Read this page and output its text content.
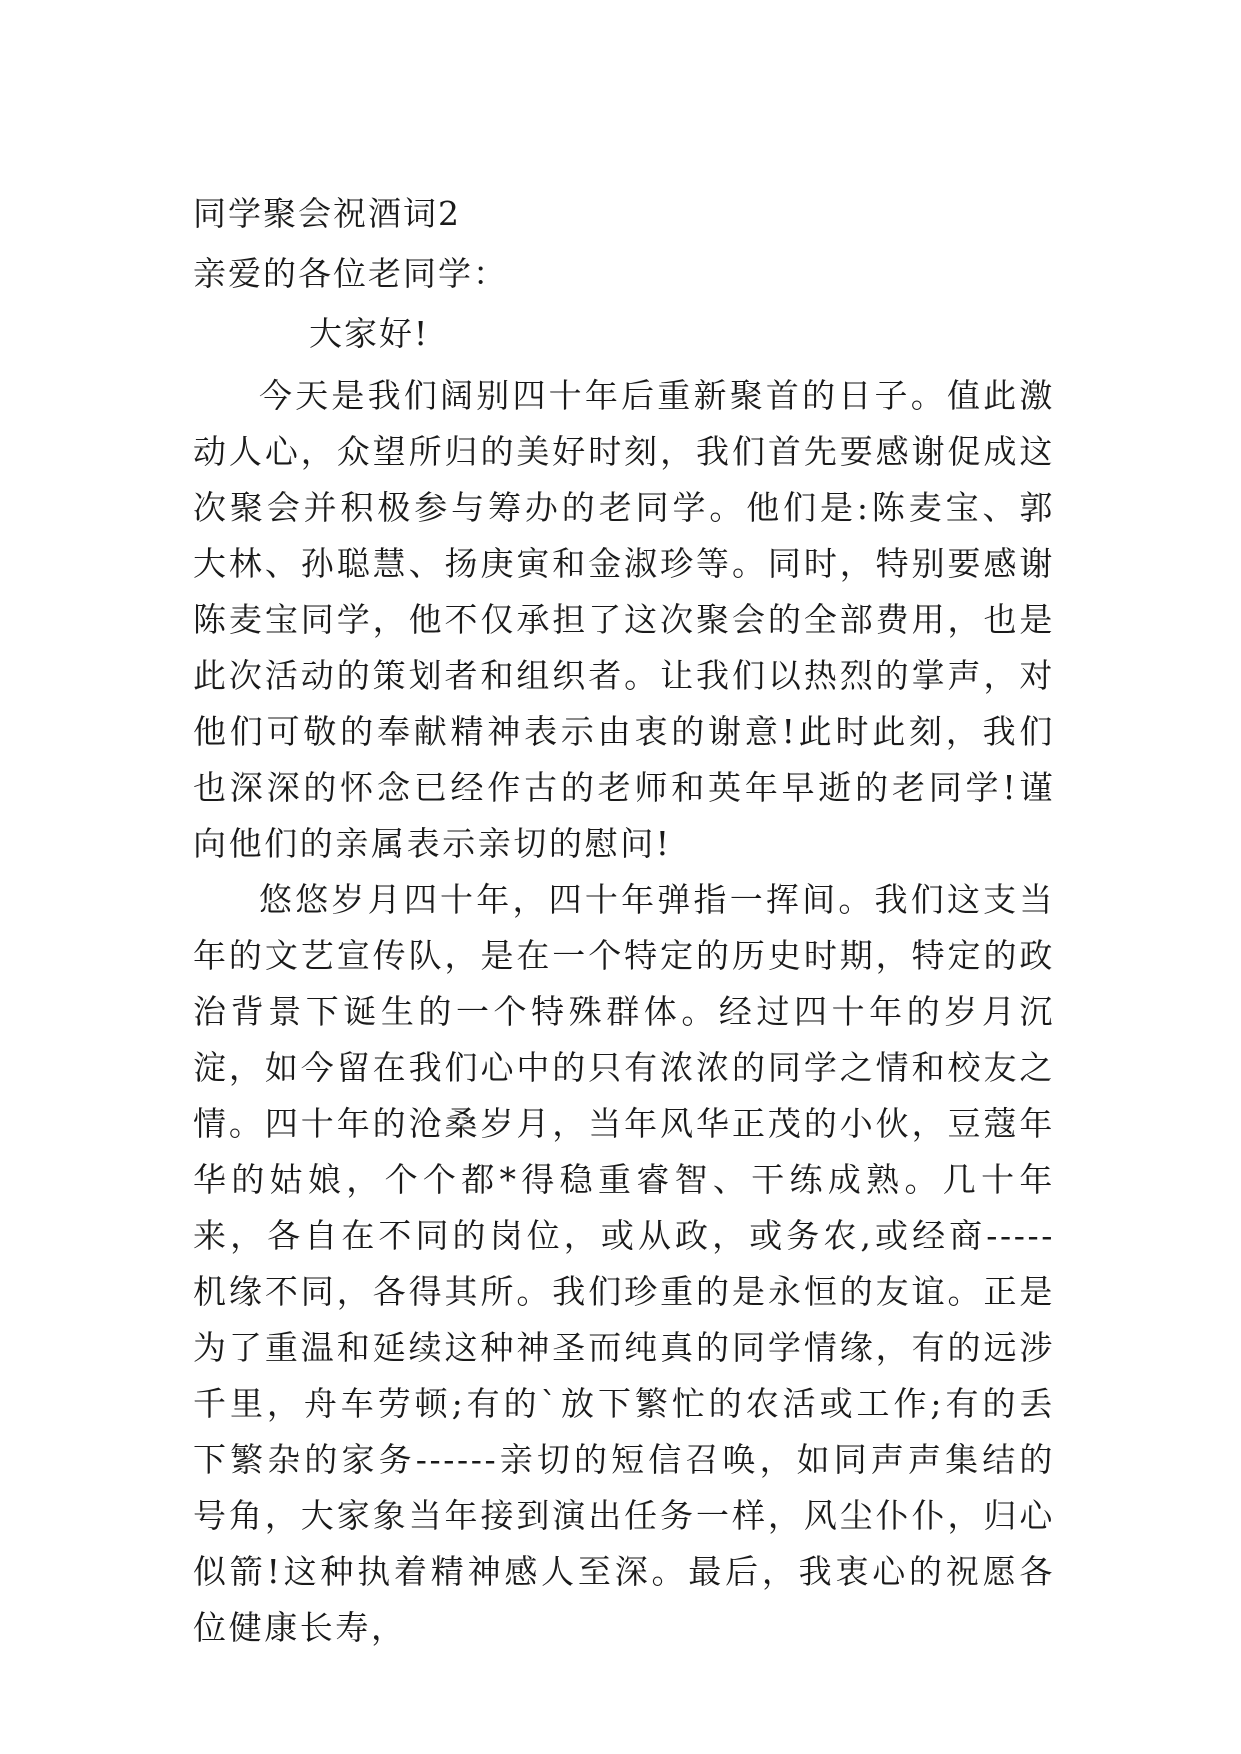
同学聚会祝酒词2

亲爱的各位老同学：

大家好!

今天是我们阔别四十年后重新聚首的日子。值此激动人心，众望所归的美好时刻，我们首先要感谢促成这次聚会并积极参与筹办的老同学。他们是:陈麦宝、郭大林、孙聪慧、扬庚寅和金淑珍等。同时，特别要感谢陈麦宝同学，他不仅承担了这次聚会的全部费用，也是此次活动的策划者和组织者。让我们以热烈的掌声，对他们可敬的奉献精神表示由衷的谢意!此时此刻，我们也深深的怀念已经作古的老师和英年早逝的老同学!谨向他们的亲属表示亲切的慰问!

悠悠岁月四十年，四十年弹指一挥间。我们这支当年的文艺宣传队，是在一个特定的历史时期，特定的政治背景下诞生的一个特殊群体。经过四十年的岁月沉淀，如今留在我们心中的只有浓浓的同学之情和校友之情。四十年的沧桑岁月，当年风华正茂的小伙，豆蔻年华的姑娘，个个都*得稳重睿智、干练成熟。几十年来，各自在不同的岗位，或从政，或务农,或经商-----机缘不同，各得其所。我们珍重的是永恒的友谊。正是为了重温和延续这种神圣而纯真的同学情缘，有的远涉千里，舟车劳顿;有的`放下繁忙的农活或工作;有的丢下繁杂的家务------亲切的短信召唤，如同声声集结的号角，大家象当年接到演出任务一样，风尘仆仆，归心似箭!这种执着精神感人至深。最后，我衷心的祝愿各位健康长寿，
